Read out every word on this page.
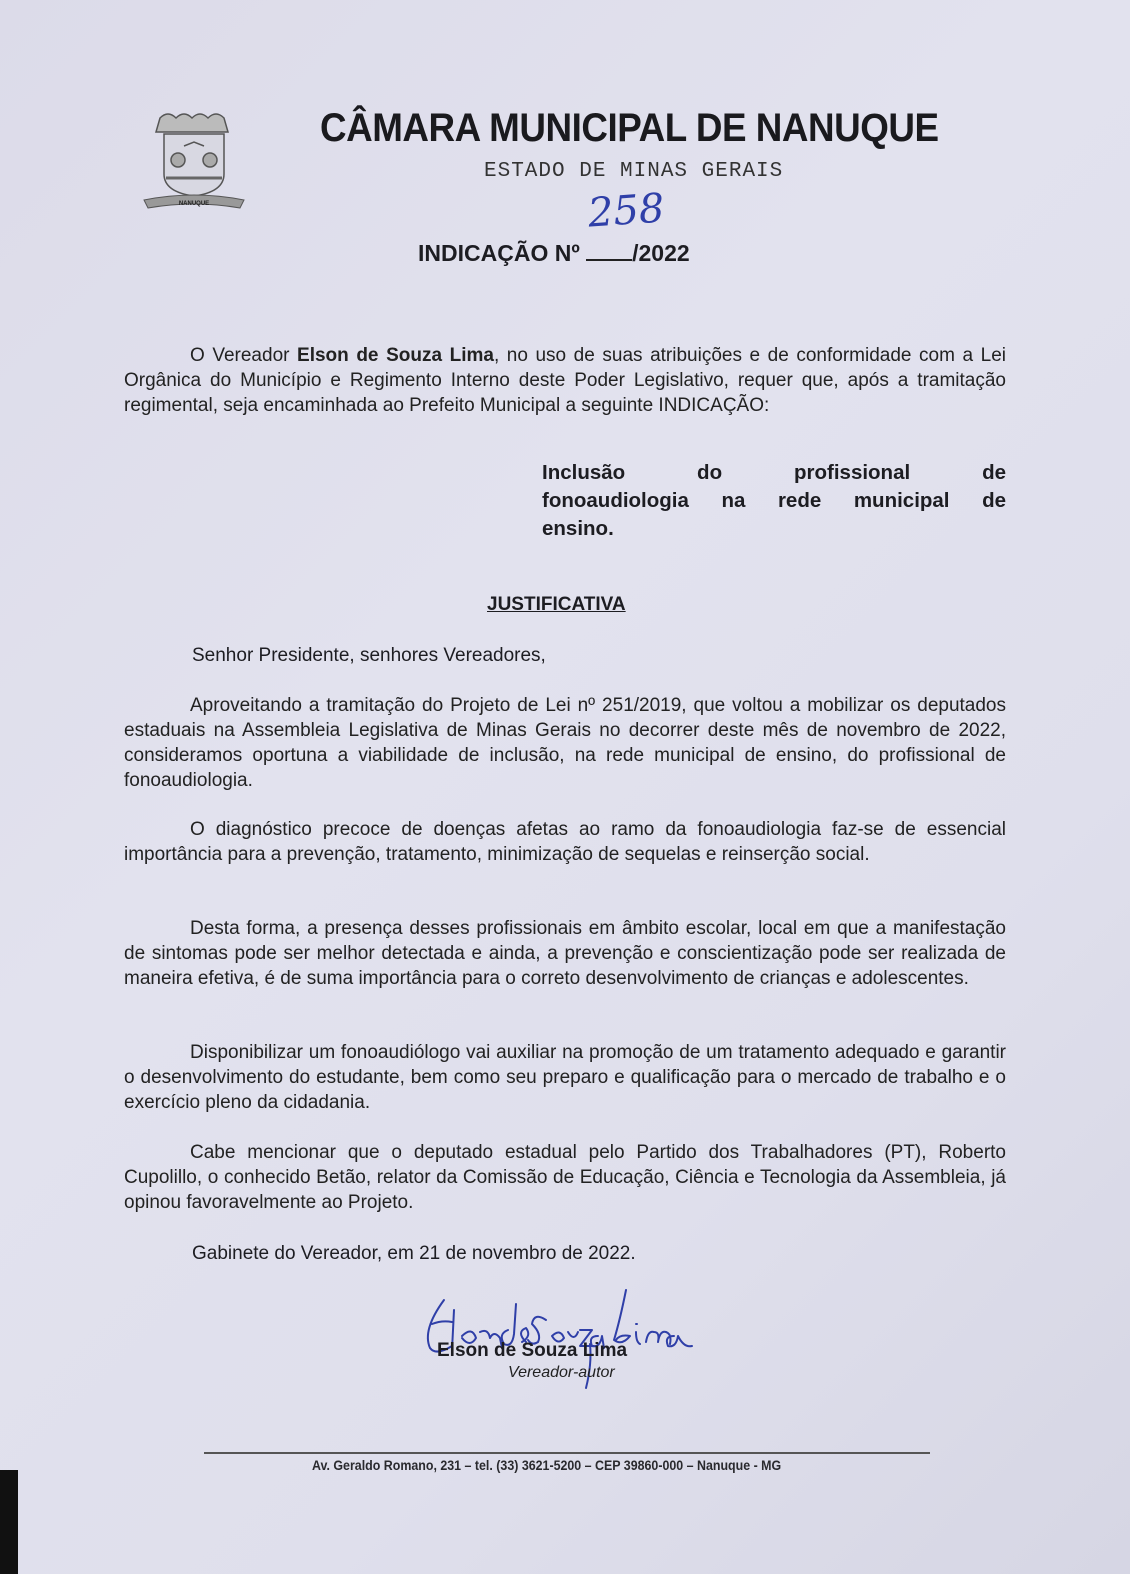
NANUQUE
CÂMARA MUNICIPAL DE NANUQUE
ESTADO DE MINAS GERAIS
258
INDICAÇÃO Nº /2022
O Vereador Elson de Souza Lima, no uso de suas atribuições e de conformidade com a Lei Orgânica do Município e Regimento Interno deste Poder Legislativo, requer que, após a tramitação regimental, seja encaminhada ao Prefeito Municipal a seguinte INDICAÇÃO:
Inclusão do profissional de
fonoaudiologia na rede municipal de
ensino.
JUSTIFICATIVA
Senhor Presidente, senhores Vereadores,
Aproveitando a tramitação do Projeto de Lei nº 251/2019, que voltou a mobilizar os deputados estaduais na Assembleia Legislativa de Minas Gerais no decorrer deste mês de novembro de 2022, consideramos oportuna a viabilidade de inclusão, na rede municipal de ensino, do profissional de fonoaudiologia.
O diagnóstico precoce de doenças afetas ao ramo da fonoaudiologia faz-se de essencial importância para a prevenção, tratamento, minimização de sequelas e reinserção social.
Desta forma, a presença desses profissionais em âmbito escolar, local em que a manifestação de sintomas pode ser melhor detectada e ainda, a prevenção e conscientização pode ser realizada de maneira efetiva, é de suma importância para o correto desenvolvimento de crianças e adolescentes.
Disponibilizar um fonoaudiólogo vai auxiliar na promoção de um tratamento adequado e garantir o desenvolvimento do estudante, bem como seu preparo e qualificação para o mercado de trabalho e o exercício pleno da cidadania.
Cabe mencionar que o deputado estadual pelo Partido dos Trabalhadores (PT), Roberto Cupolillo, o conhecido Betão, relator da Comissão de Educação, Ciência e Tecnologia da Assembleia, já opinou favoravelmente ao Projeto.
Gabinete do Vereador, em 21 de novembro de 2022.
Elson de Souza Lima
Vereador-autor
Av. Geraldo Romano, 231 – tel. (33) 3621-5200 – CEP 39860-000 – Nanuque - MG
